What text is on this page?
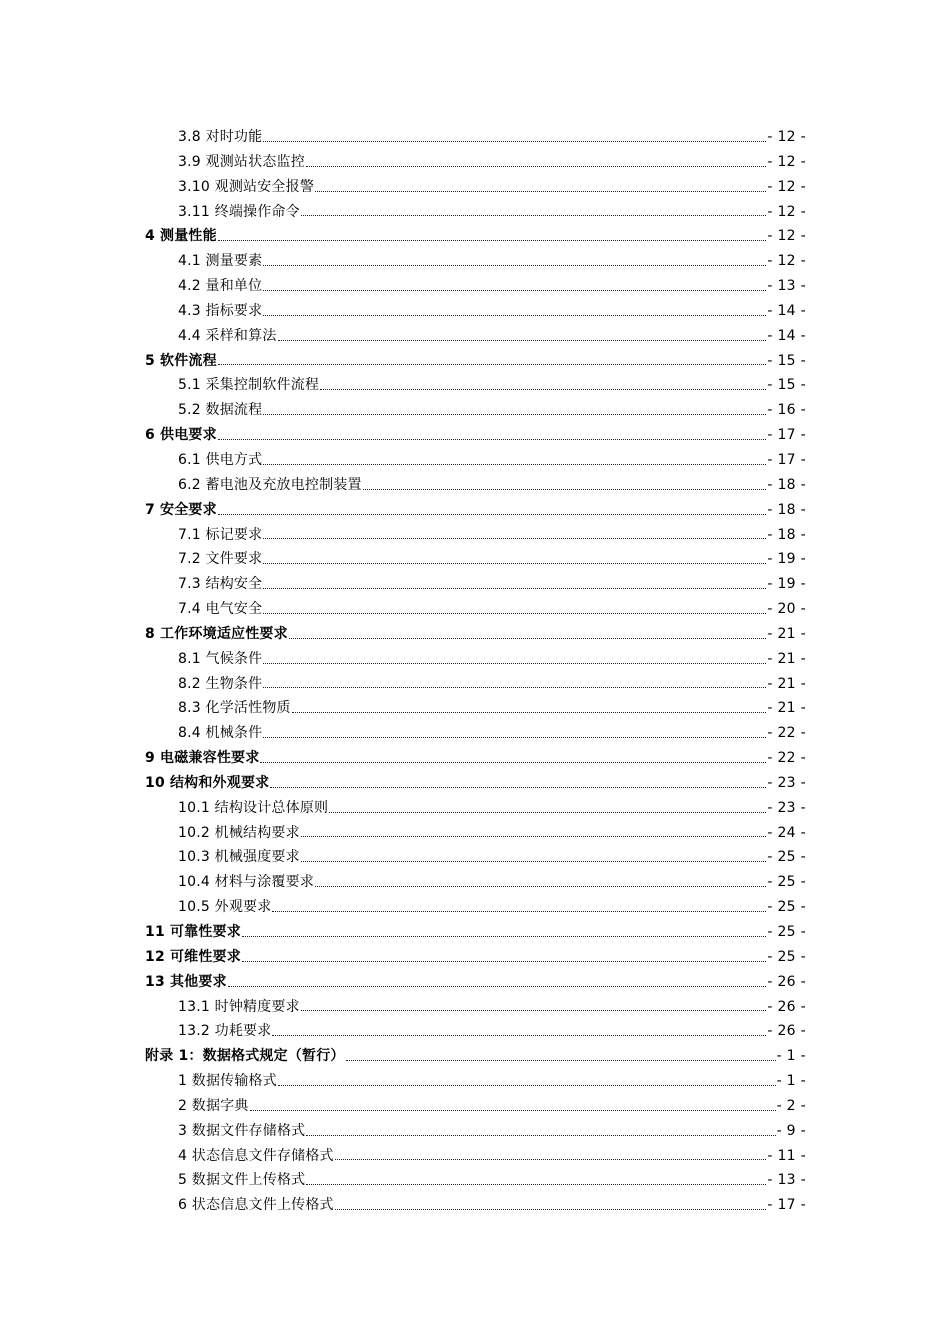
3.8 对时功能	- 12 -
3.9 观测站状态监控	- 12 -
3.10 观测站安全报警	- 12 -
3.11 终端操作命令	- 12 -
4 测量性能	- 12 -
4.1 测量要素	- 12 -
4.2 量和单位	- 13 -
4.3 指标要求	- 14 -
4.4 采样和算法	- 14 -
5 软件流程	- 15 -
5.1 采集控制软件流程	- 15 -
5.2 数据流程	- 16 -
6 供电要求	- 17 -
6.1 供电方式	- 17 -
6.2 蓄电池及充放电控制装置	- 18 -
7 安全要求	- 18 -
7.1 标记要求	- 18 -
7.2 文件要求	- 19 -
7.3 结构安全	- 19 -
7.4 电气安全	- 20 -
8 工作环境适应性要求	- 21 -
8.1 气候条件	- 21 -
8.2 生物条件	- 21 -
8.3 化学活性物质	- 21 -
8.4 机械条件	- 22 -
9 电磁兼容性要求	- 22 -
10 结构和外观要求	- 23 -
10.1 结构设计总体原则	- 23 -
10.2 机械结构要求	- 24 -
10.3 机械强度要求	- 25 -
10.4 材料与涂覆要求	- 25 -
10.5 外观要求	- 25 -
11 可靠性要求	- 25 -
12 可维性要求	- 25 -
13 其他要求	- 26 -
13.1 时钟精度要求	- 26 -
13.2 功耗要求	- 26 -
附录 1：数据格式规定（暂行）	- 1 -
1 数据传输格式	- 1 -
2 数据字典	- 2 -
3 数据文件存储格式	- 9 -
4 状态信息文件存储格式	- 11 -
5 数据文件上传格式	- 13 -
6 状态信息文件上传格式	- 17 -
